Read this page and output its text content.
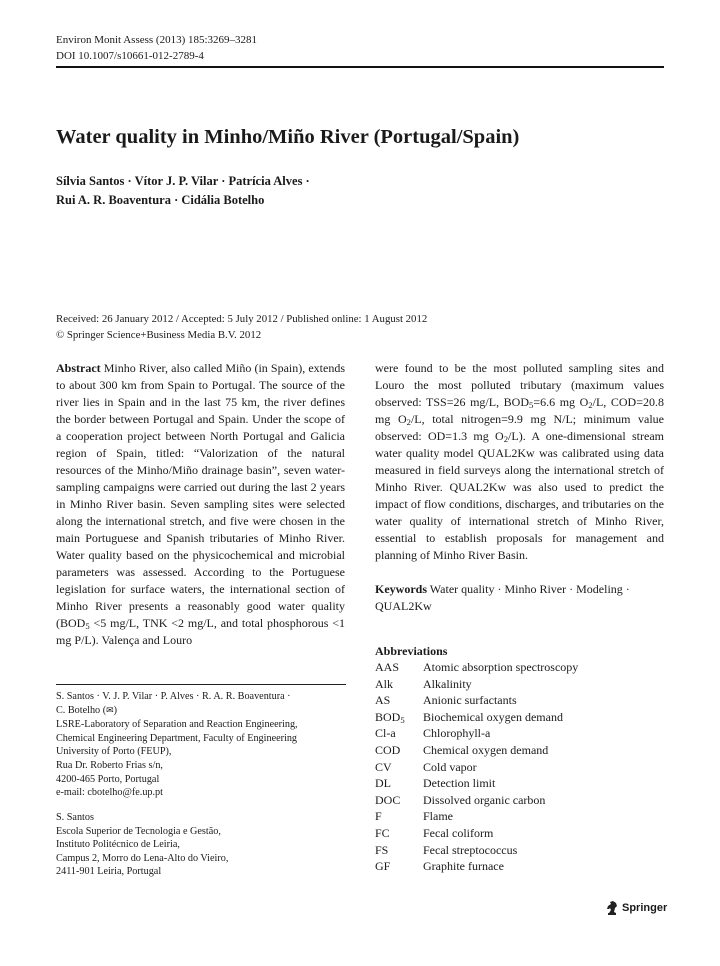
Environ Monit Assess (2013) 185:3269–3281
DOI 10.1007/s10661-012-2789-4
Water quality in Minho/Miño River (Portugal/Spain)
Sílvia Santos · Vítor J. P. Vilar · Patrícia Alves ·
Rui A. R. Boaventura · Cidália Botelho
Received: 26 January 2012 / Accepted: 5 July 2012 / Published online: 1 August 2012
© Springer Science+Business Media B.V. 2012

Abstract Minho River, also called Miño (in Spain), extends to about 300 km from Spain to Portugal. The source of the river lies in Spain and in the last 75 km, the river defines the border between Portugal and Spain. Under the scope of a cooperation project between North Portugal and Galicia region of Spain, titled: “Valorization of the natural resources of the Minho/Miño drainage basin”, seven water-sampling campaigns were carried out during the last 2 years in Minho River basin. Seven sampling sites were selected along the international stretch, and five were chosen in the main Portuguese and Spanish tributaries of Minho River. Water quality based on the physicochemical and microbial parameters was assessed. According to the Portuguese legislation for surface waters, the international section of Minho River presents a reasonably good water quality ($BOD_5 <5$ mg/L, TNK <2 mg/L, and total phosphorous <1 mg P/L). Valença and Louro

were found to be the most polluted sampling sites and Louro the most polluted tributary (maximum values observed: TSS=26 mg/L, $BOD_5=6.6$ mg $O_2/L$, COD=20.8 mg $O_2/L$, total nitrogen=9.9 mg N/L; minimum value observed: OD=1.3 mg $O_2/L$). A one-dimensional stream water quality model QUAL2Kw was calibrated using data measured in field surveys along the international stretch of Minho River. QUAL2Kw was also used to predict the impact of flow conditions, discharges, and tributaries on the water quality of international stretch of Minho River, essential to establish proposals for management and planning of Minho River Basin.

Keywords Water quality · Minho River · Modeling · QUAL2Kw

Abbreviations
AAS	Atomic absorption spectroscopy
Alk	Alkalinity
AS	Anionic surfactants
$BOD_5$	Biochemical oxygen demand
Cl-a	Chlorophyll-a
COD	Chemical oxygen demand
CV	Cold vapor
DL	Detection limit
DOC	Dissolved organic carbon
F	Flame
FC	Fecal coliform
FS	Fecal streptococcus
GF	Graphite furnace
S. Santos · V. J. P. Vilar · P. Alves · R. A. R. Boaventura ·
C. Botelho (✉)
LSRE-Laboratory of Separation and Reaction Engineering,
Chemical Engineering Department, Faculty of Engineering
University of Porto (FEUP),
Rua Dr. Roberto Frias s/n,
4200-465 Porto, Portugal
e-mail: cbotelho@fe.up.pt
S. Santos
Escola Superior de Tecnologia e Gestão,
Instituto Politécnico de Leiria,
Campus 2, Morro do Lena-Alto do Vieiro,
2411-901 Leiria, Portugal
Springer
